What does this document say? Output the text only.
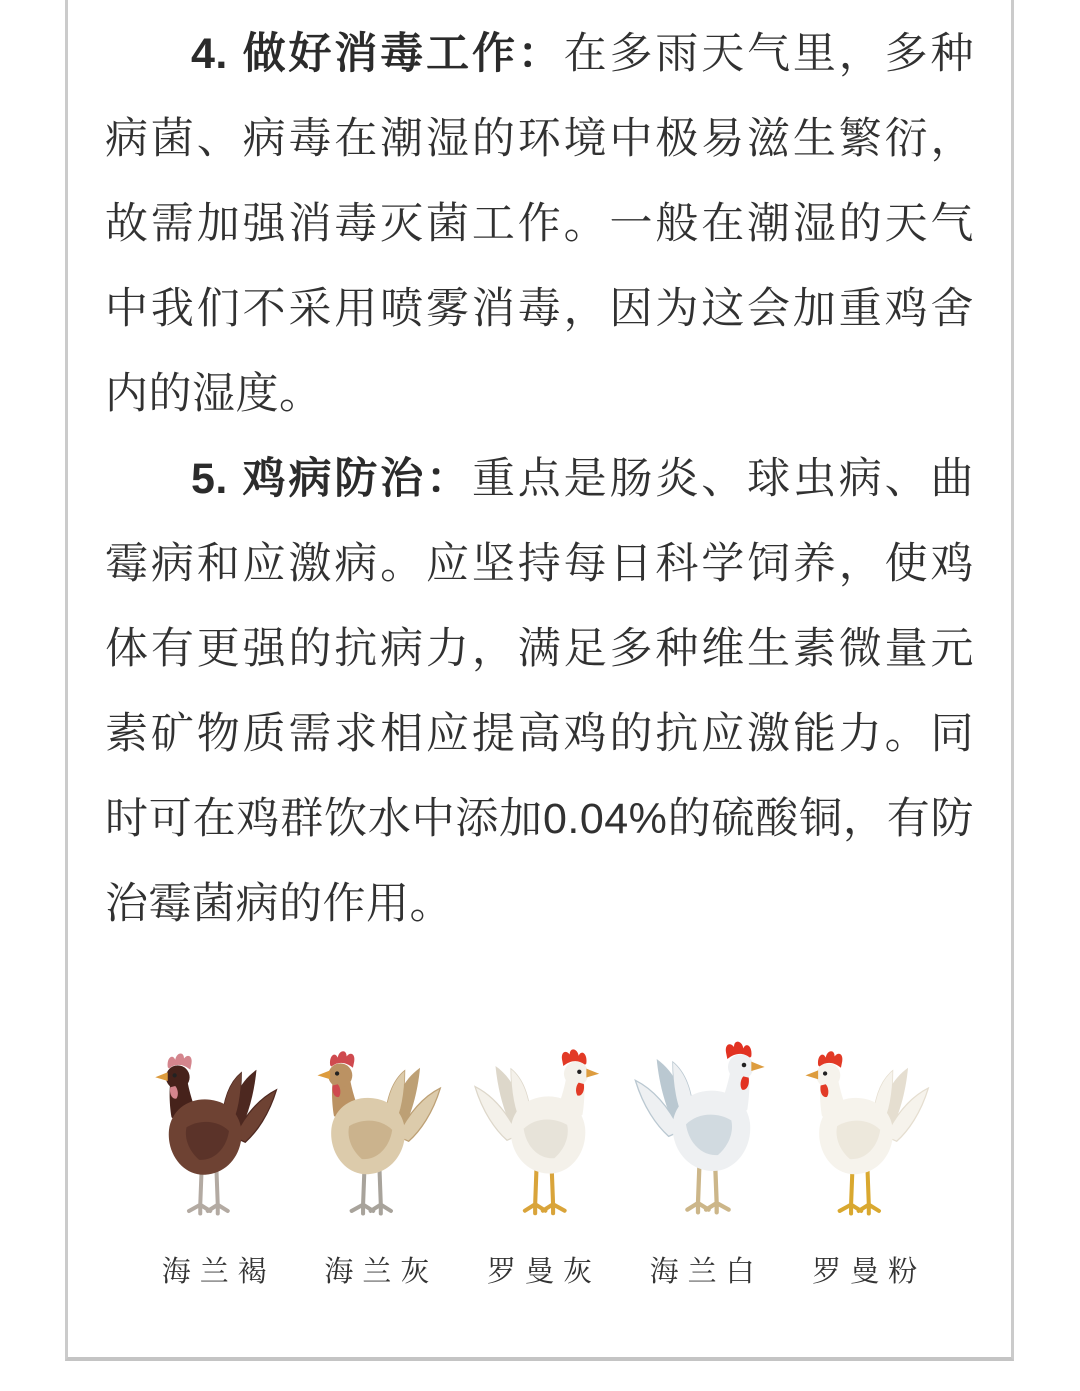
4. 做好消毒工作：在多雨天气里，多种病菌、病毒在潮湿的环境中极易滋生繁衍，故需加强消毒灭菌工作。一般在潮湿的天气中我们不采用喷雾消毒，因为这会加重鸡舍内的湿度。

5. 鸡病防治：重点是肠炎、球虫病、曲霉病和应激病。应坚持每日科学饲养，使鸡体有更强的抗病力，满足多种维生素微量元素矿物质需求相应提高鸡的抗应激能力。同时可在鸡群饮水中添加0.04%的硫酸铜，有防治霉菌病的作用。

海兰褐	海兰灰	罗曼灰	海兰白	罗曼粉
